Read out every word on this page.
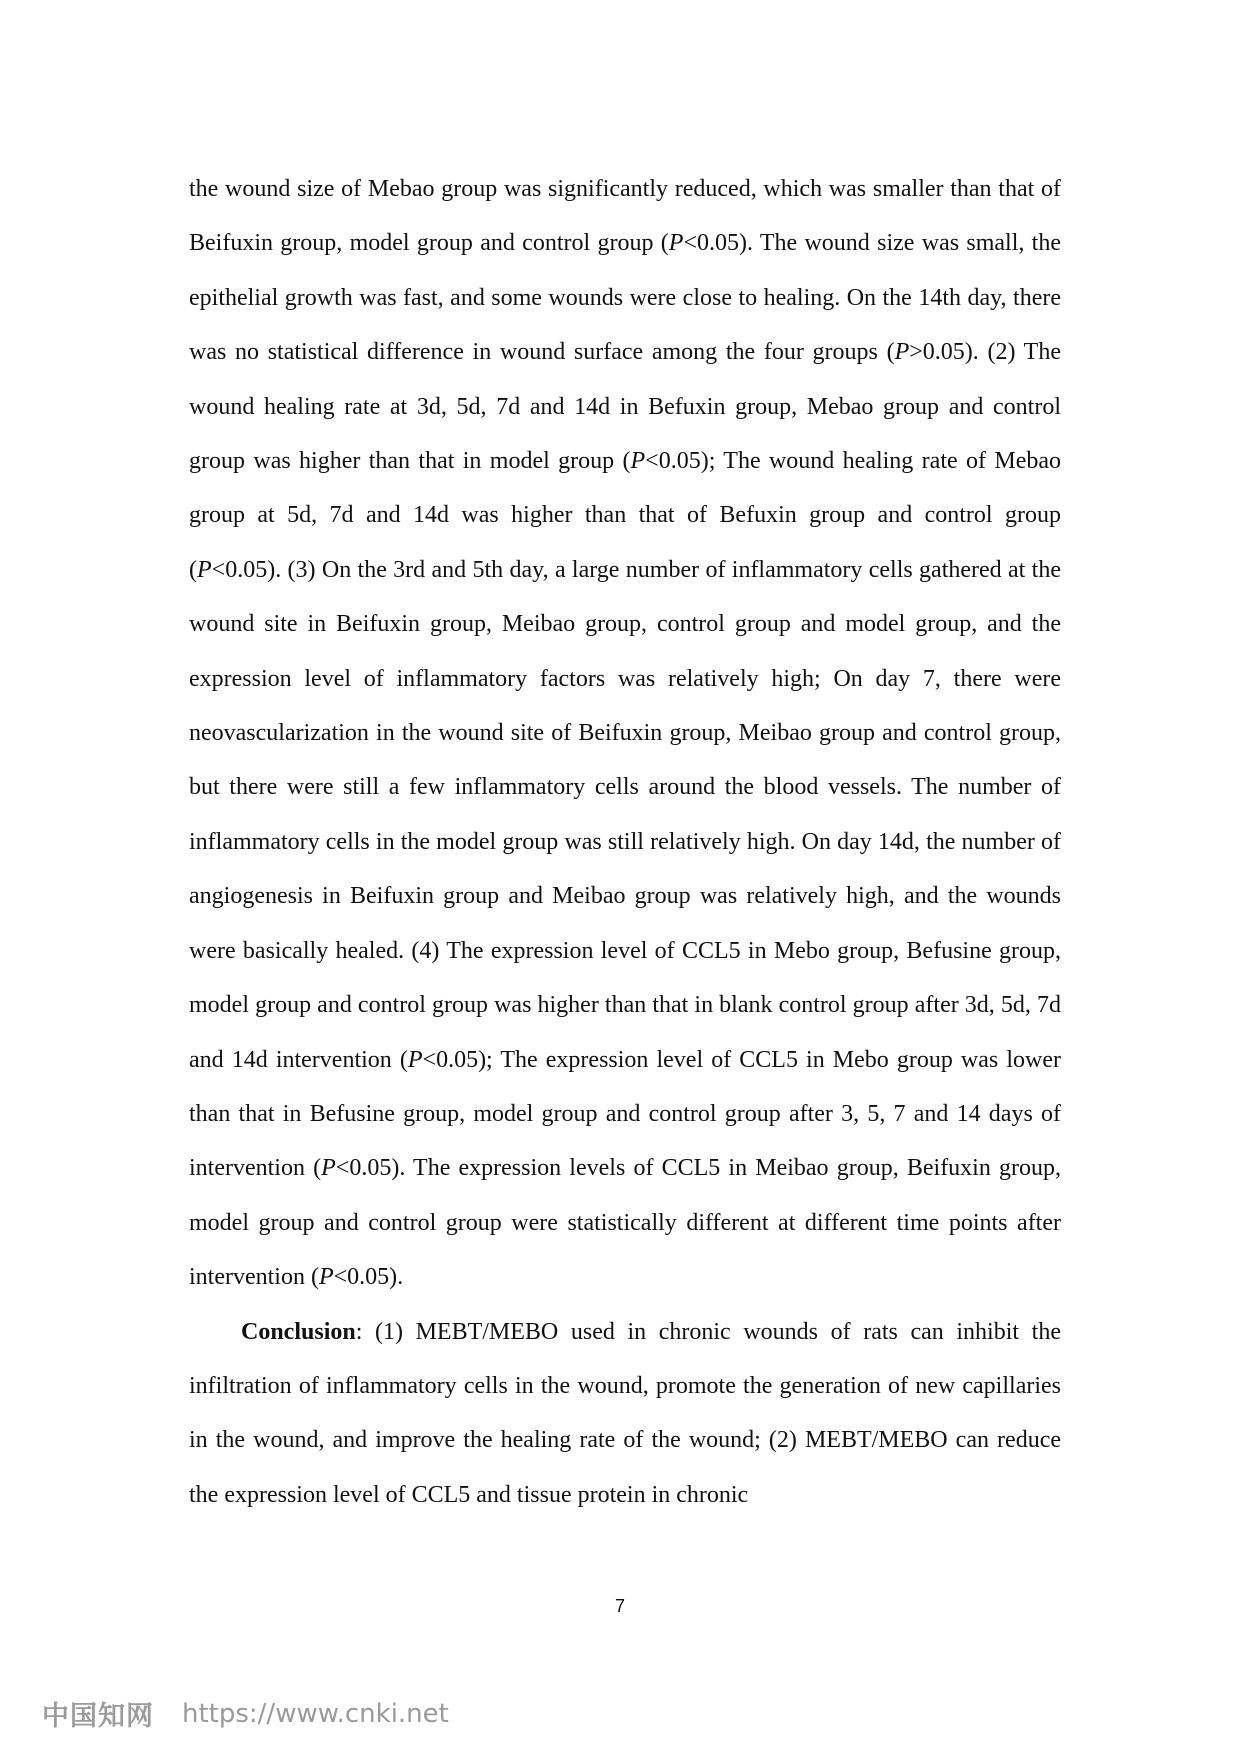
the wound size of Mebao group was significantly reduced, which was smaller than that of Beifuxin group, model group and control group (P<0.05). The wound size was small, the epithelial growth was fast, and some wounds were close to healing. On the 14th day, there was no statistical difference in wound surface among the four groups (P>0.05). (2) The wound healing rate at 3d, 5d, 7d and 14d in Befuxin group, Mebao group and control group was higher than that in model group (P<0.05); The wound healing rate of Mebao group at 5d, 7d and 14d was higher than that of Befuxin group and control group (P<0.05). (3) On the 3rd and 5th day, a large number of inflammatory cells gathered at the wound site in Beifuxin group, Meibao group, control group and model group, and the expression level of inflammatory factors was relatively high; On day 7, there were neovascularization in the wound site of Beifuxin group, Meibao group and control group, but there were still a few inflammatory cells around the blood vessels. The number of inflammatory cells in the model group was still relatively high. On day 14d, the number of angiogenesis in Beifuxin group and Meibao group was relatively high, and the wounds were basically healed. (4) The expression level of CCL5 in Mebo group, Befusine group, model group and control group was higher than that in blank control group after 3d, 5d, 7d and 14d intervention (P<0.05); The expression level of CCL5 in Mebo group was lower than that in Befusine group, model group and control group after 3, 5, 7 and 14 days of intervention (P<0.05). The expression levels of CCL5 in Meibao group, Beifuxin group, model group and control group were statistically different at different time points after intervention (P<0.05).

Conclusion: (1) MEBT/MEBO used in chronic wounds of rats can inhibit the infiltration of inflammatory cells in the wound, promote the generation of new capillaries in the wound, and improve the healing rate of the wound; (2) MEBT/MEBO can reduce the expression level of CCL5 and tissue protein in chronic

7
中国知网 https://www.cnki.net
